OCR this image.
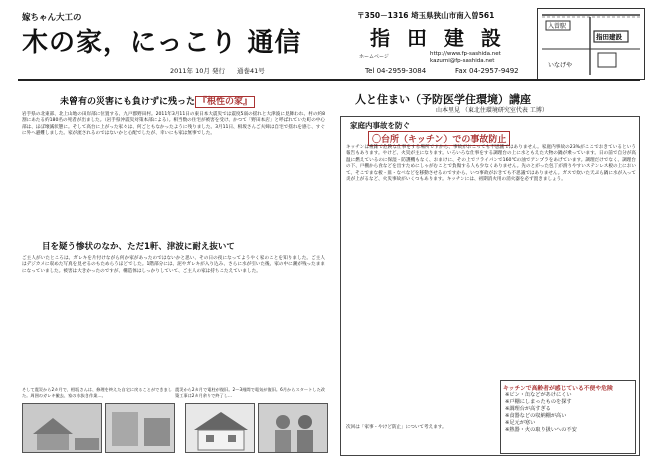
嫁ちゃん大工の
木の家，にっこり 通信
2011年 10月 発行 通巻41号
〒350－1316 埼玉県狭山市南入曽561
指 田 建 設
ホームページ	http://www.fp-sashida.net
kazumi@fp-sashida.net
Tel 04-2959-3084	Fax 04-2957-9492
入曽駅
指田建設
いなげや
未曾有の災害にも負けずに残った 『根性の家』
岩手県の北東部、北上山地の田岸部に位置する、九戸郡野田村。2011年3月11日の東日本大震災では震度5弱の揺れと大津波に見舞われ、村の約8割にあたる約180名の死者が出ました。（岩手県沖震災対策本部による）。相当数の住宅が被害を受け、かつて「野田本店」と呼ばれていた町の中心部は、ほぼ壊滅状態に。そして高台に上がった家々は、何ごともなかったように残りました。3月11日、相坂さんご夫婦は自宅で揺れを感じ、すぐに外へ避難しました。家が流されるのではないかと心配でしたが、幸いにも家は無事でした。
目を疑う惨状のなか、ただ1軒、津波に耐え抜いて
ご主人がいたところは、ガレキを片付けながら何か家があったのではないかと思い、その日の夜になってようやく家のことを知りました。ご主人はデジカメに収めた写真を見せるのもためらうほどでした。1階部分には、泥やガレキが入り込み、さらに水が引いた後、家の中に潮が残ったままになっていました。被害は大きかったのですが、構造体はしっかりしていて、ご主人の家は持ちこたえていました。
そして震災から2カ月で、相坂さんは、修理を終えた自宅に戻ることができました。周囲のガレキ撤去、家の水抜き作業…。
震災から2カ月で電柱が復旧。2～3週間で電気が復旧。6月からスタートした改築工事は2カ月余りで終了し…
人と住まい（予防医学住環境）講座
山本里見 （東北住環境研究室代表 工博）
家庭内事故を防ぐ
〇台所（キッチン）での事故防止
キッチンは複雑で危険な仕事をする場所ですから、事故がおこっても不思議ではありません。家庭内事故の23%がここでおきているという報告もあります。やけど、火災が主になります。いろいろな仕事をする調理台の上に水ともえた大物の鍋が乗っています。日の前で自分が高温に燃えているのに保湿・防護機もなく、おまけに、その上でフライパンで160℃の油でアンプラをあげています。調理だけでなく、調理台の下、戸棚から食などを出すためにしゃがむことで負傷する人も少なくありません。先のとがった包丁が滑りやすいステンレス板の上において、そこでまな板・皿・なべなどを移動させるのですから、いつ事故がおきても不思議ではありません。ガスで炊いた天ぷら鍋に水が入って炎が上がるなど、火災事故がいくつもあります。キッチンには、初期消火用の消火器を必ず置きましょう。
次回は「家事・やけど防止」について考えます。
キッチンで高齢者が感じている不便や危険
※ビン・缶などがあけにくい
※戸棚にしまったものを探す
※調理台が高すぎる
※食器などの収納棚が高い
※足元が寒い
※熱器・火の取り扱いへの不安
